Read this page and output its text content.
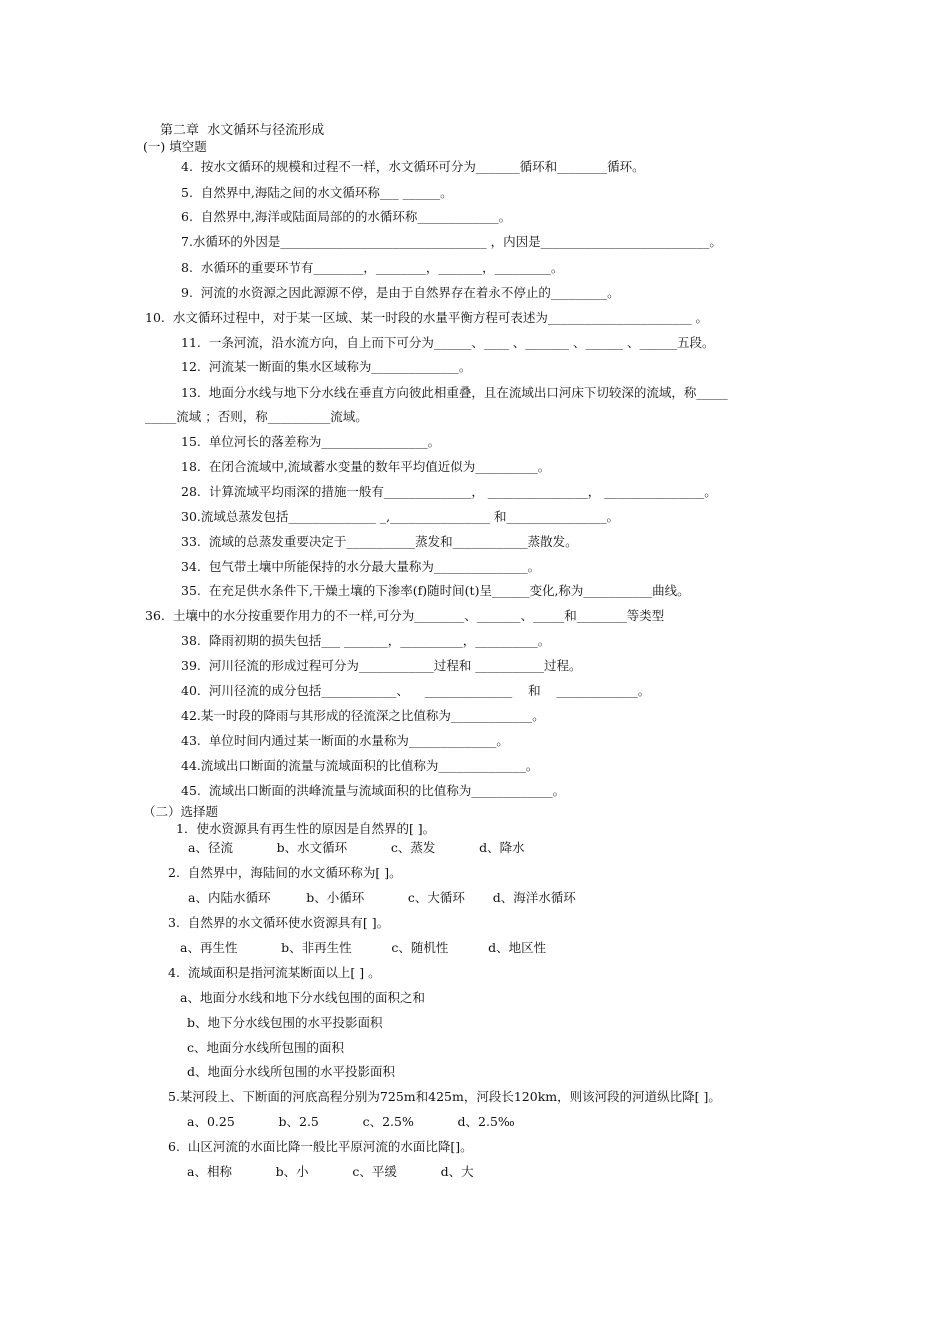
第二章  水文循环与径流形成
(一) 填空题
4.  按水文循环的规模和过程不一样，水文循环可分为_______循环和________循环。
5.  自然界中,海陆之间的水文循环称___ ______。
6.  自然界中,海洋或陆面局部的的水循环称_____________。
7.水循环的外因是_________________________________ ，内因是___________________________。
8.  水循环的重要环节有________，________，_______，_________。
9.  河流的水资源之因此源源不停，是由于自然界存在着永不停止的_________。
10.  水文循环过程中，对于某一区域、某一时段的水量平衡方程可表述为_______________________ 。
11.  一条河流，沿水流方向，自上而下可分为______、____ 、_______ 、______ 、______五段。
12.  河流某一断面的集水区域称为______________。
13.  地面分水线与地下分水线在垂直方向彼此相重叠，且在流域出口河床下切较深的流域，称_____
_____流域 ；否则，称__________流域。
15.  单位河长的落差称为_________________。
18.  在闭合流域中,流域蓄水变量的数年平均值近似为__________。
28.  计算流域平均雨深的措施一般有______________， ________________， ________________。
30.流域总蒸发包括______________ _,________________ 和________________。
33.  流域的总蒸发重要决定于___________蒸发和____________蒸散发。
34.  包气带土壤中所能保持的水分最大量称为_______________。
35.  在充足供水条件下,干燥土壤的下渗率(f)随时间(t)呈______变化,称为___________曲线。
36.  土壤中的水分按重要作用力的不一样,可分为________、_______、_____和________等类型
38.  降雨初期的损失包括___ _______，__________，__________。
39.  河川径流的形成过程可分为____________过程和 ___________过程。
40.  河川径流的成分包括____________、    ______________    和    _____________。
42.某一时段的降雨与其形成的径流深之比值称为_____________。
43.  单位时间内通过某一断面的水量称为______________。
44.流域出口断面的流量与流域面积的比值称为______________。
45.  流域出口断面的洪峰流量与流域面积的比值称为_____________。
（二）选择题
1．使水资源具有再生性的原因是自然界的[ ]。
a、径流           b、水文循环           c、蒸发           d、降水
2.  自然界中，海陆间的水文循环称为[ ]。
a、内陆水循环         b、小循环           c、大循环       d、海洋水循环
3.  自然界的水文循环使水资源具有[ ]。
a、再生性           b、非再生性          c、随机性          d、地区性
4.  流域面积是指河流某断面以上[ ] 。
a、地面分水线和地下分水线包围的面积之和
b、地下分水线包围的水平投影面积
c、地面分水线所包围的面积
d、地面分水线所包围的水平投影面积
5.某河段上、下断面的河底高程分别为725m和425m，河段长120km，则该河段的河道纵比降[ ]。
a、0.25           b、2.5           c、2.5%           d、2.5‰
6.  山区河流的水面比降一般比平原河流的水面比降[]。
a、相称           b、小           c、平缓           d、大
